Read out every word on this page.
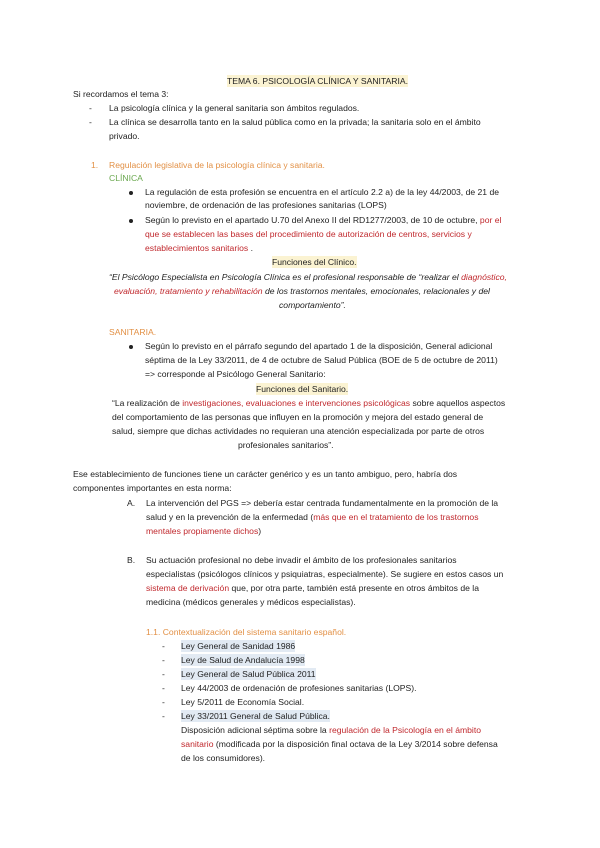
TEMA 6. PSICOLOGÍA CLÍNICA Y SANITARIA.
Si recordamos el tema 3:
- La psicología clínica y la general sanitaria son ámbitos regulados.
- La clínica se desarrolla tanto en la salud pública como en la privada; la sanitaria solo en el ámbito
privado.
1. Regulación legislativa de la psicología clínica y sanitaria.
CLÍNICA
La regulación de esta profesión se encuentra en el artículo 2.2 a) de la ley 44/2003, de 21 de
noviembre, de ordenación de las profesiones sanitarias (LOPS)
Según lo previsto en el apartado U.70 del Anexo II del RD1277/2003, de 10 de octubre, por el
que se establecen las bases del procedimiento de autorización de centros, servicios y
establecimientos sanitarios .
Funciones del Clínico.
“El Psicólogo Especialista en Psicología Clínica es el profesional responsable de “realizar el diagnóstico,
evaluación, tratamiento y rehabilitación de los trastornos mentales, emocionales, relacionales y del
comportamiento”.
SANITARIA.
Según lo previsto en el párrafo segundo del apartado 1 de la disposición, General adicional
séptima de la Ley 33/2011, de 4 de octubre de Salud Pública (BOE de 5 de octubre de 2011)
=> corresponde al Psicólogo General Sanitario:
Funciones del Sanitario.
“La realización de investigaciones, evaluaciones e intervenciones psicológicas sobre aquellos aspectos
del comportamiento de las personas que influyen en la promoción y mejora del estado general de
salud, siempre que dichas actividades no requieran una atención especializada por parte de otros
profesionales sanitarios”.
Ese establecimiento de funciones tiene un carácter genérico y es un tanto ambiguo, pero, habría dos
componentes importantes en esta norma:
A. La intervención del PGS => debería estar centrada fundamentalmente en la promoción de la
salud y en la prevención de la enfermedad (más que en el tratamiento de los trastornos
mentales propiamente dichos)
B. Su actuación profesional no debe invadir el ámbito de los profesionales sanitarios
especialistas (psicólogos clínicos y psiquiatras, especialmente). Se sugiere en estos casos un
sistema de derivación que, por otra parte, también está presente en otros ámbitos de la
medicina (médicos generales y médicos especialistas).
1.1. Contextualización del sistema sanitario español.
- Ley General de Sanidad 1986
- Ley de Salud de Andalucía 1998
- Ley General de Salud Pública 2011
- Ley 44/2003 de ordenación de profesiones sanitarias (LOPS).
- Ley 5/2011 de Economía Social.
- Ley 33/2011 General de Salud Pública.
Disposición adicional séptima sobre la regulación de la Psicología en el ámbito
sanitario (modificada por la disposición final octava de la Ley 3/2014 sobre defensa
de los consumidores).
